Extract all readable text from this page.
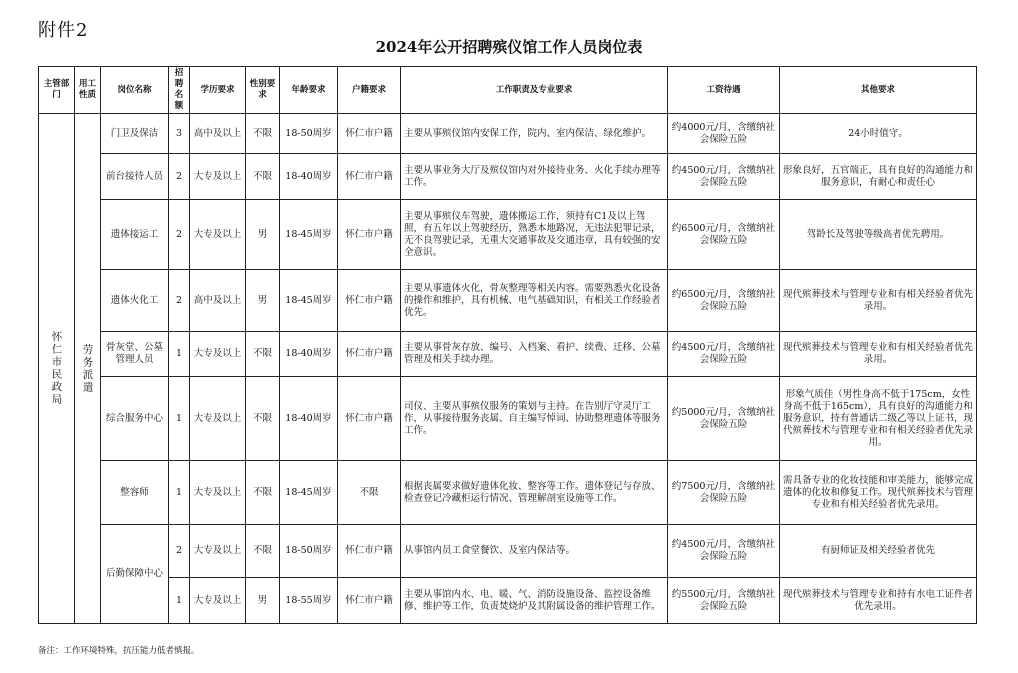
附件2
2024年公开招聘殡仪馆工作人员岗位表
主管部门	用工性质	岗位名称	招聘名额	学历要求	性别要求	年龄要求	户籍要求	工作职责及专业要求	工资待遇	其他要求
怀仁市民政局	劳务派遣	门卫及保洁	3	高中及以上	不限	18-50周岁	怀仁市户籍	主要从事殡仪馆内安保工作，院内、室内保洁、绿化维护。	约4000元/月，含缴纳社会保险五险	24小时值守。
		前台接待人员	2	大专及以上	不限	18-40周岁	怀仁市户籍	主要从事业务大厅及殡仪馆内对外接待业务、火化手续办理等工作。	约4500元/月，含缴纳社会保险五险	形象良好，五官端正，具有良好的沟通能力和服务意识，有耐心和责任心
		遗体接运工	2	大专及以上	男	18-45周岁	怀仁市户籍	主要从事殡仪车驾驶，遗体搬运工作，须持有C1及以上驾照，有五年以上驾驶经历，熟悉本地路况，无违法犯罪记录，无不良驾驶记录，无重大交通事故及交通违章，具有较强的安全意识。	约6500元/月，含缴纳社会保险五险	驾龄长及驾驶等级高者优先聘用。
		遗体火化工	2	高中及以上	男	18-45周岁	怀仁市户籍	主要从事遗体火化，骨灰整理等相关内容。需要熟悉火化设备的操作和维护，具有机械、电气基础知识，有相关工作经验者优先。	约6500元/月，含缴纳社会保险五险	现代殡葬技术与管理专业和有相关经验者优先录用。
		骨灰堂、公墓管理人员	1	大专及以上	不限	18-40周岁	怀仁市户籍	主要从事骨灰存放、编号、入档案、看护、续费、迁移、公墓管理及相关手续办理。	约4500元/月，含缴纳社会保险五险	现代殡葬技术与管理专业和有相关经验者优先录用。
		综合服务中心	1	大专及以上	不限	18-40周岁	怀仁市户籍	司仪、主要从事殡仪服务的策划与主持。在告别厅守灵厅工作，从事接待服务丧属、自主编写悼词、协助整理遗体等服务工作。	约5000元/月，含缴纳社会保险五险	形象气质佳（男性身高不低于175cm，女性身高不低于165cm），具有良好的沟通能力和服务意识，持有普通话二级乙等以上证书，现代殡葬技术与管理专业和有相关经验者优先录用。
		整容师	1	大专及以上	不限	18-45周岁	不限	根据丧属要求做好遗体化妆、整容等工作。遗体登记与存放、检查登记冷藏柜运行情况、管理解剖室设施等工作。	约7500元/月，含缴纳社会保险五险	需具备专业的化妆技能和审美能力，能够完成遗体的化妆和修复工作。现代殡葬技术与管理专业和有相关经验者优先录用。
		后勤保障中心	2	大专及以上	不限	18-50周岁	怀仁市户籍	从事馆内员工食堂餐饮、及室内保洁等。	约4500元/月，含缴纳社会保险五险	有厨师证及相关经验者优先
			1	大专及以上	男	18-55周岁	怀仁市户籍	主要从事馆内水、电、暖、气、消防设施设备、监控设备维修、维护等工作，负责焚烧炉及其附属设备的维护管理工作。	约5500元/月，含缴纳社会保险五险	现代殡葬技术与管理专业和持有水电工证件者优先录用。
备注：工作环境特殊，抗压能力低者慎报。
